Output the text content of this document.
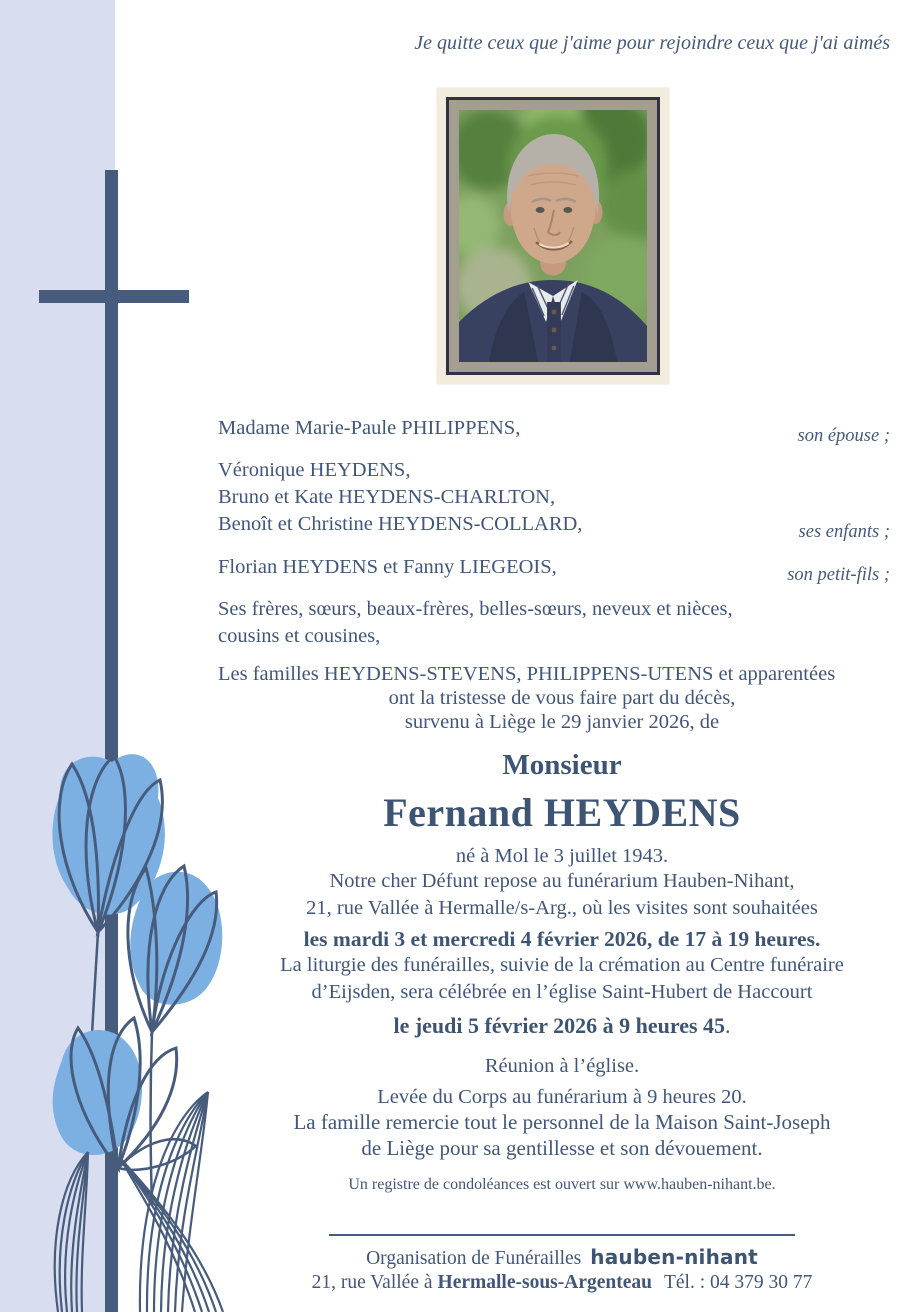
Je quitte ceux que j'aime pour rejoindre ceux que j'ai aimés
Madame Marie-Paule PHILIPPENS,	son épouse ;
Véronique HEYDENS,
Bruno et Kate HEYDENS-CHARLTON,
Benoît et Christine HEYDENS-COLLARD,	ses enfants ;
Florian HEYDENS et Fanny LIEGEOIS,	son petit-fils ;
Ses frères, sœurs, beaux-frères, belles-sœurs, neveux et nièces,
cousins et cousines,
Les familles HEYDENS-STEVENS, PHILIPPENS-UTENS et apparentées

ont la tristesse de vous faire part du décès,
survenu à Liège le 29 janvier 2026, de

Monsieur
Fernand HEYDENS
né à Mol le 3 juillet 1943.

Notre cher Défunt repose au funérarium Hauben-Nihant,
21, rue Vallée à Hermalle/s-Arg., où les visites sont souhaitées

les mardi 3 et mercredi 4 février 2026, de 17 à 19 heures.

La liturgie des funérailles, suivie de la crémation au Centre funéraire
d’Eijsden, sera célébrée en l’église Saint-Hubert de Haccourt

le jeudi 5 février 2026 à 9 heures 45.
Réunion à l’église.
Levée du Corps au funérarium à 9 heures 20.

La famille remercie tout le personnel de la Maison Saint-Joseph
de Liège pour sa gentillesse et son dévouement.

Un registre de condoléances est ouvert sur www.hauben-nihant.be.
Organisation de Funérailles hauben-nihant
21, rue Vallée à Hermalle-sous-Argenteau Tél. : 04 379 30 77
